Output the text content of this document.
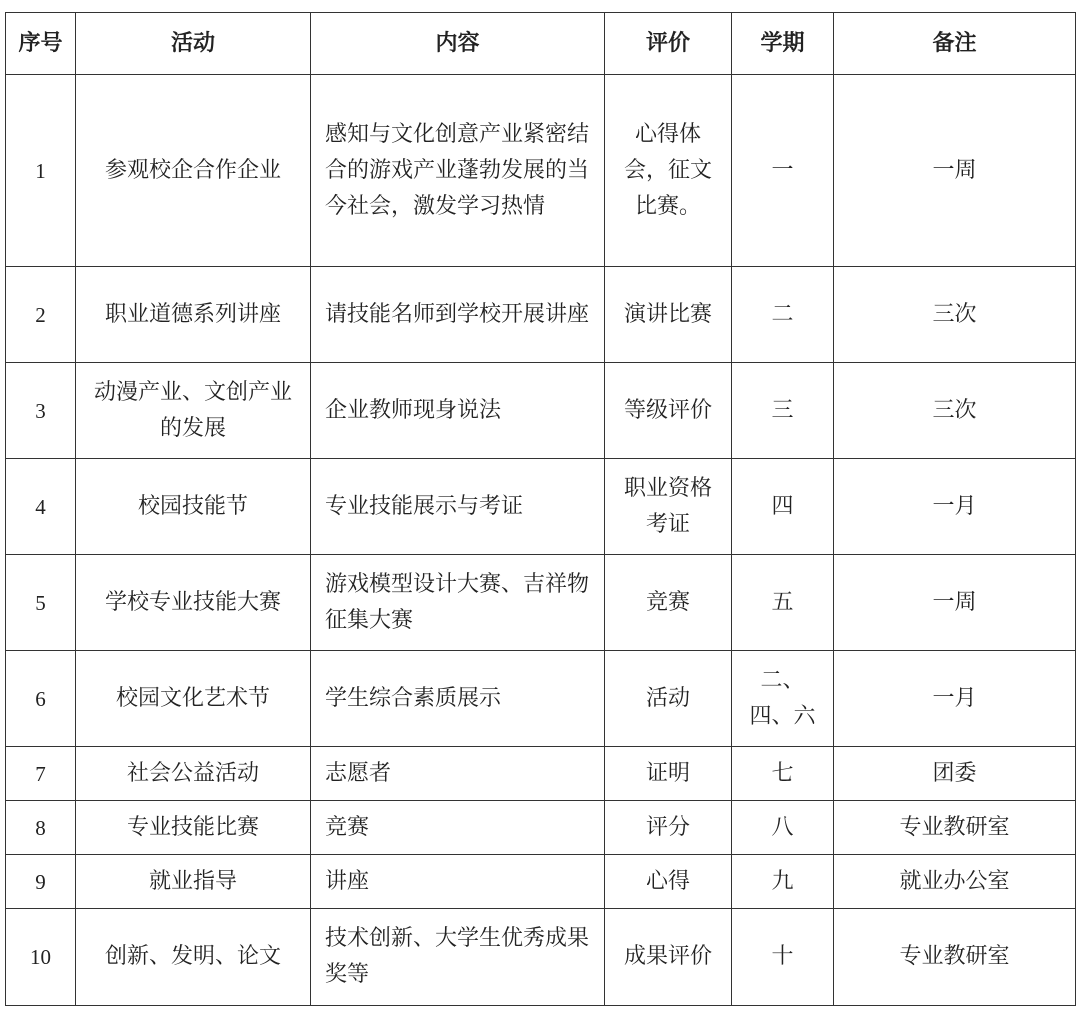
序号	活动	内容	评价	学期	备注
1	参观校企合作企业	感知与文化创意产业紧密结合的游戏产业蓬勃发展的当今社会，激发学习热情	心得体会，征文比赛。	一	一周
2	职业道德系列讲座	请技能名师到学校开展讲座	演讲比赛	二	三次
3	动漫产业、文创产业的发展	企业教师现身说法	等级评价	三	三次
4	校园技能节	专业技能展示与考证	职业资格考证	四	一月
5	学校专业技能大赛	游戏模型设计大赛、吉祥物征集大赛	竞赛	五	一周
6	校园文化艺术节	学生综合素质展示	活动	二、四、六	一月
7	社会公益活动	志愿者	证明	七	团委
8	专业技能比赛	竞赛	评分	八	专业教研室
9	就业指导	讲座	心得	九	就业办公室
10	创新、发明、论文	技术创新、大学生优秀成果奖等	成果评价	十	专业教研室
